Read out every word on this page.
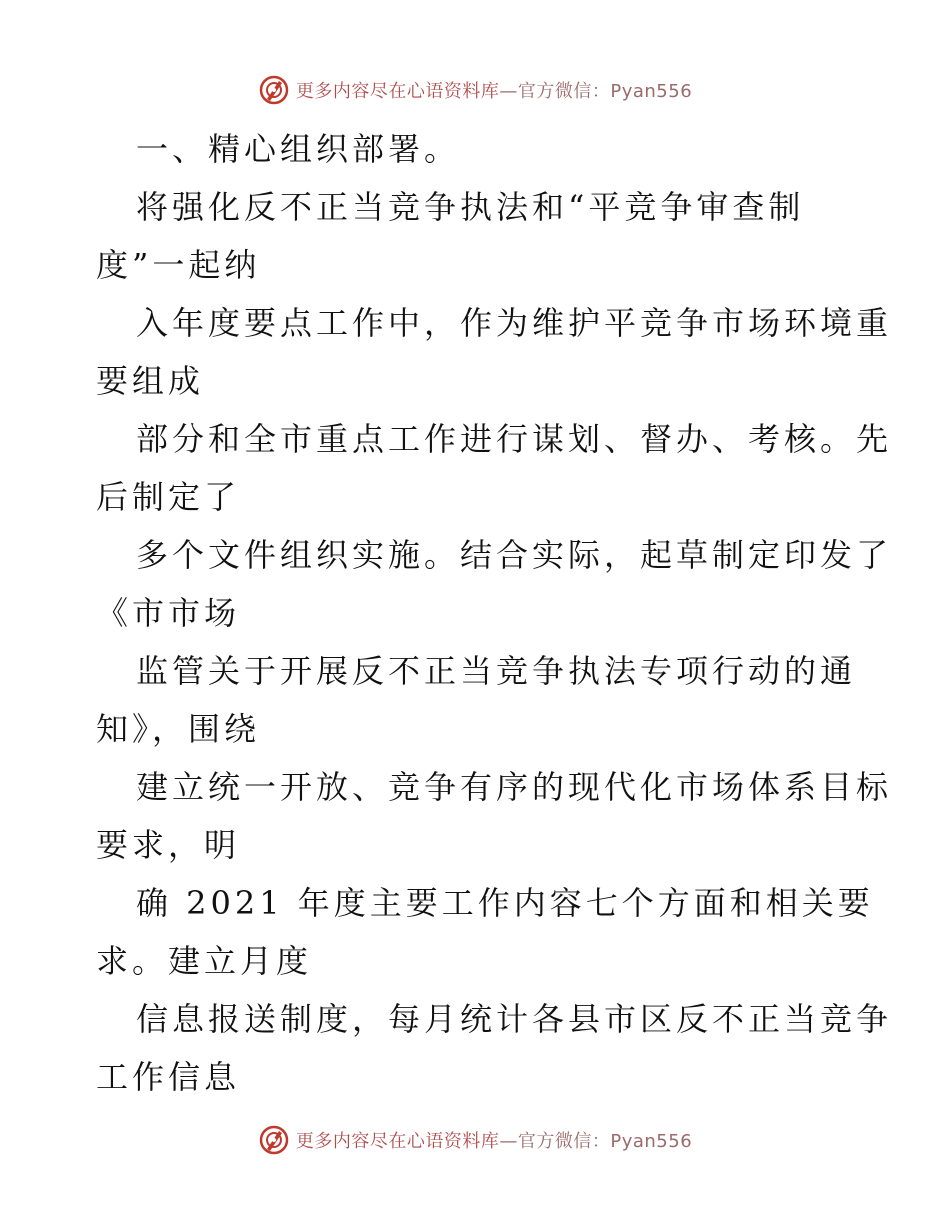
更多内容尽在心语资料库—官方微信：Pyan556
一、精心组织部署。
将强化反不正当竞争执法和“平竞争审查制
度”一起纳
入年度要点工作中，作为维护平竞争市场环境重
要组成
部分和全市重点工作进行谋划、督办、考核。先
后制定了
多个文件组织实施。结合实际，起草制定印发了
《市市场
监管关于开展反不正当竞争执法专项行动的通
知》，围绕
建立统一开放、竞争有序的现代化市场体系目标
要求，明
确 2021 年度主要工作内容七个方面和相关要
求。建立月度
信息报送制度，每月统计各县市区反不正当竞争
工作信息
更多内容尽在心语资料库—官方微信：Pyan556
